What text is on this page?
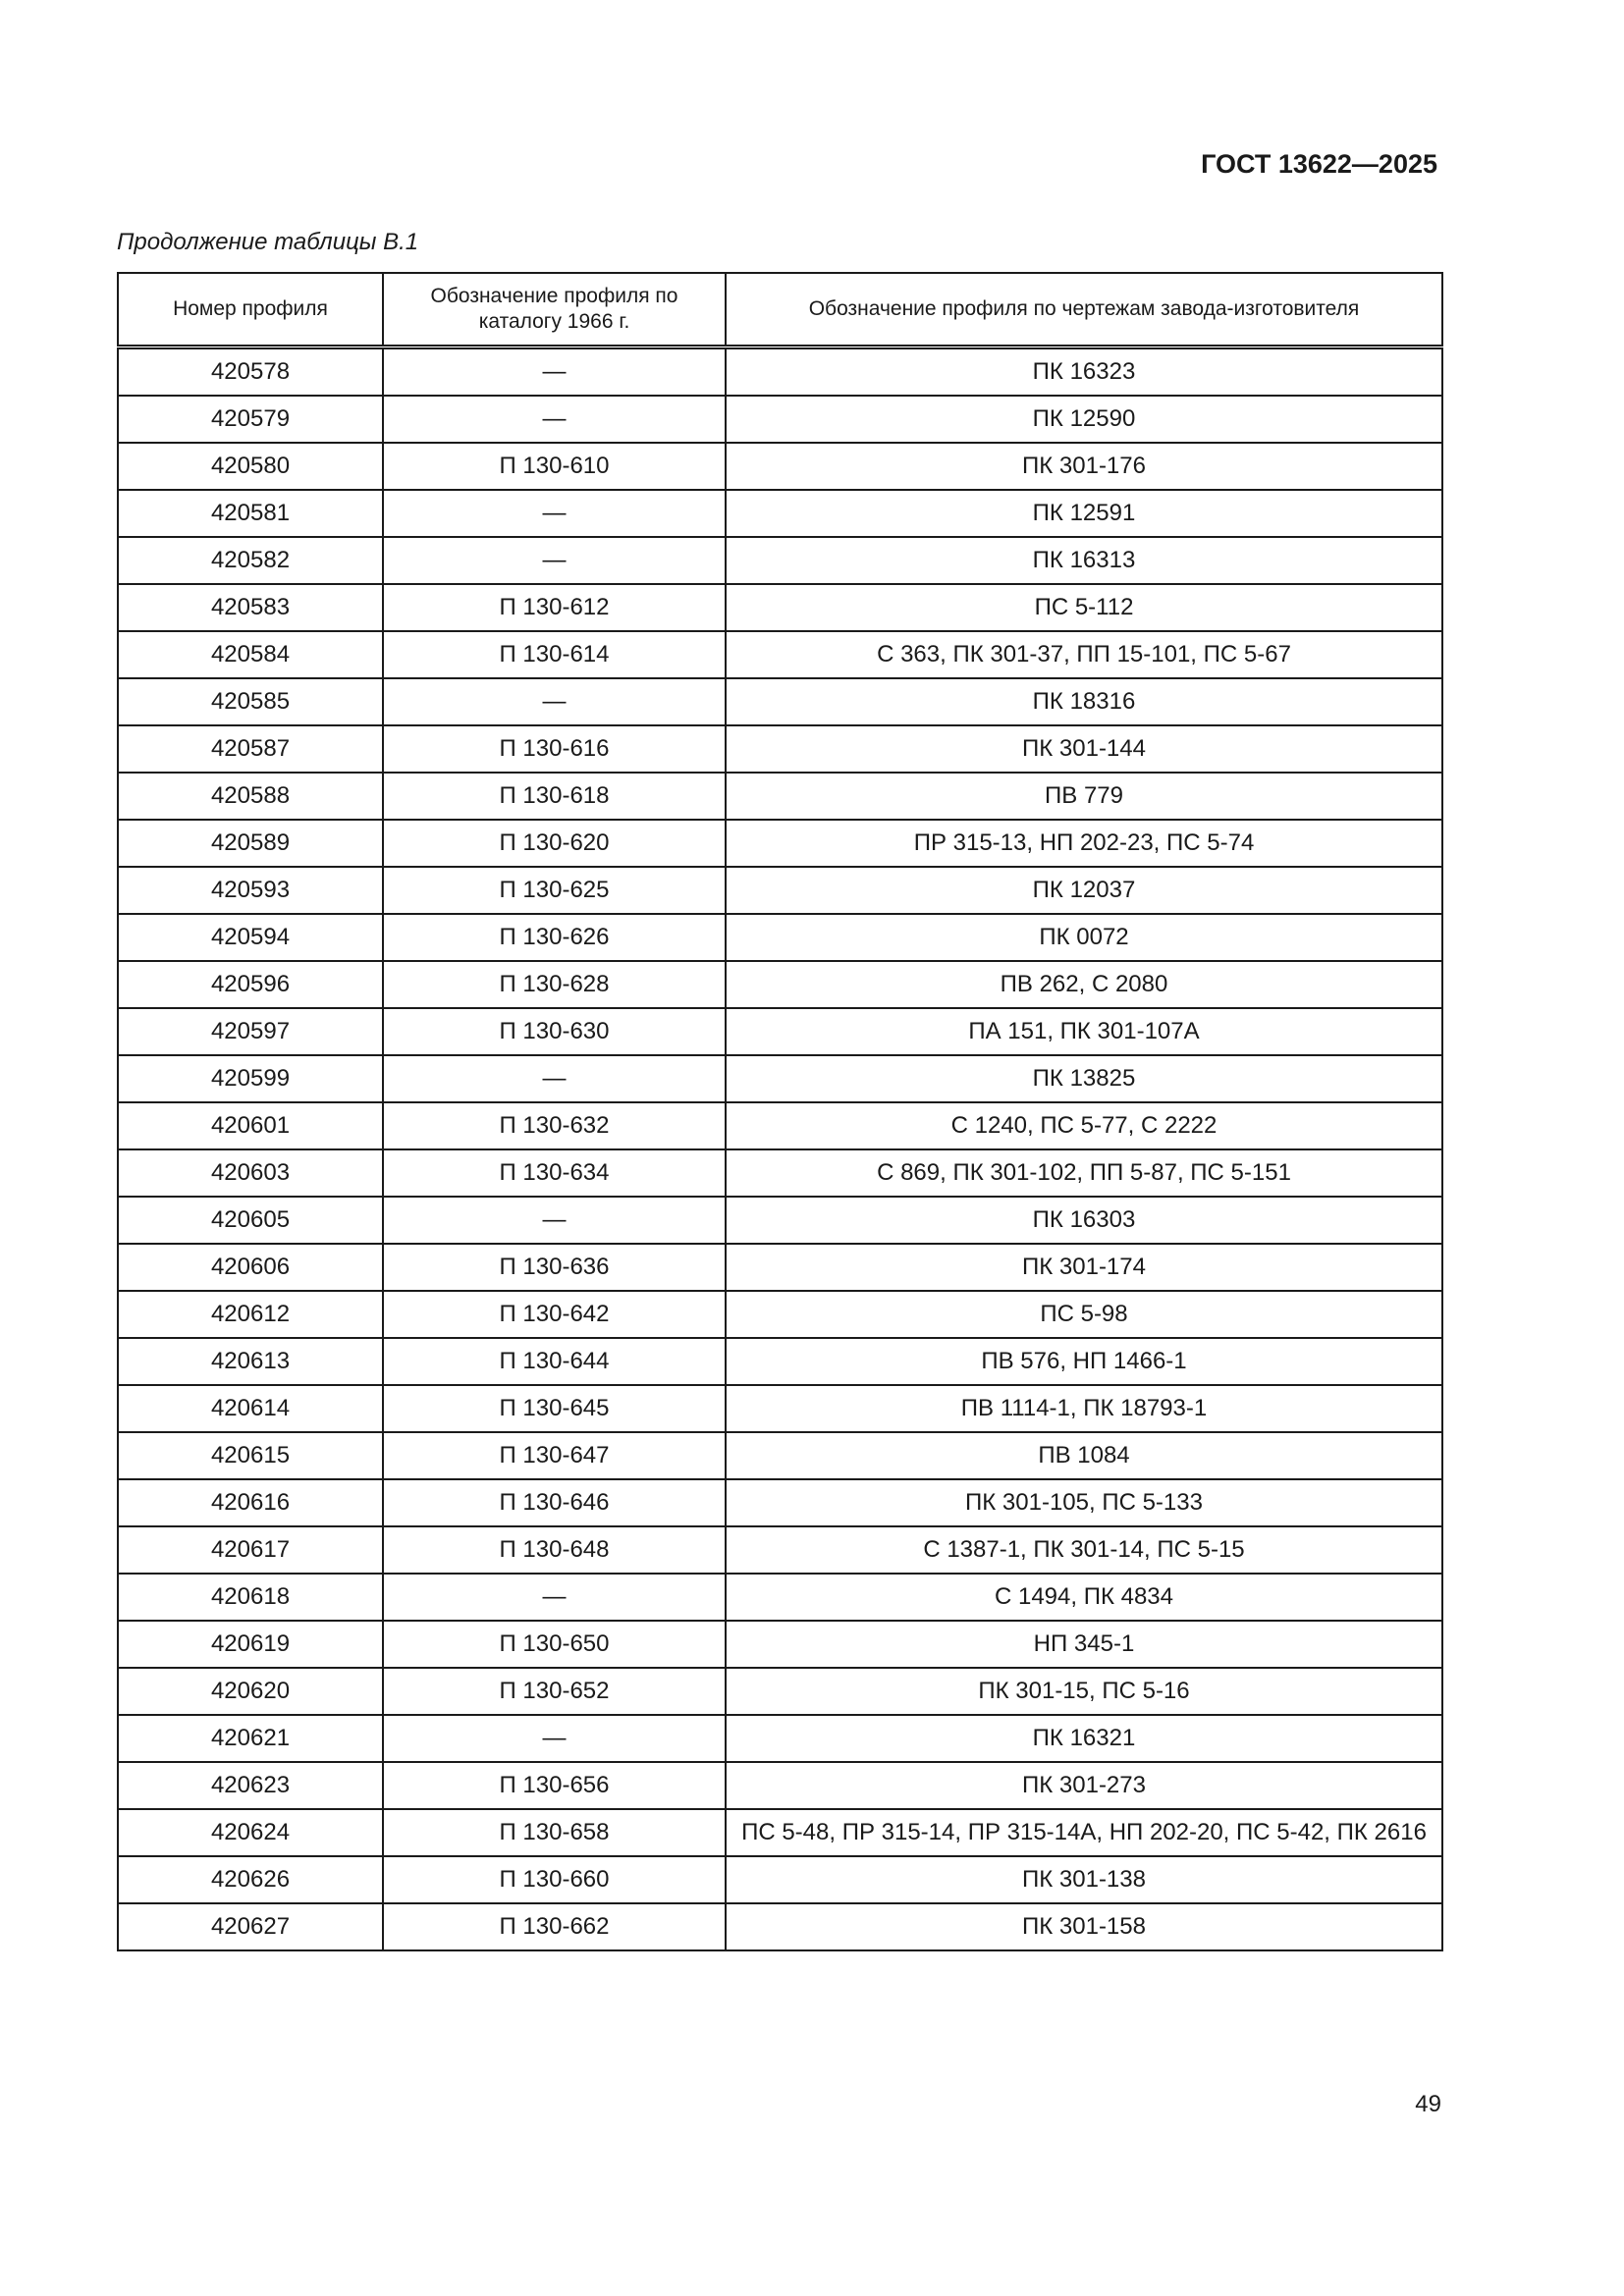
ГОСТ 13622—2025
Продолжение таблицы В.1
Номер профиля	Обозначение профиля по каталогу 1966 г.	Обозначение профиля по чертежам завода-изготовителя
420578	—	ПК 16323
420579	—	ПК 12590
420580	П 130-610	ПК 301-176
420581	—	ПК 12591
420582	—	ПК 16313
420583	П 130-612	ПС 5-112
420584	П 130-614	С 363, ПК 301-37, ПП 15-101, ПС 5-67
420585	—	ПК 18316
420587	П 130-616	ПК 301-144
420588	П 130-618	ПВ 779
420589	П 130-620	ПР 315-13, НП 202-23, ПС 5-74
420593	П 130-625	ПК 12037
420594	П 130-626	ПК 0072
420596	П 130-628	ПВ 262, С 2080
420597	П 130-630	ПА 151, ПК 301-107А
420599	—	ПК 13825
420601	П 130-632	С 1240, ПС 5-77, С 2222
420603	П 130-634	С 869, ПК 301-102, ПП 5-87, ПС 5-151
420605	—	ПК 16303
420606	П 130-636	ПК 301-174
420612	П 130-642	ПС 5-98
420613	П 130-644	ПВ 576, НП 1466-1
420614	П 130-645	ПВ 1114-1, ПК 18793-1
420615	П 130-647	ПВ 1084
420616	П 130-646	ПК 301-105, ПС 5-133
420617	П 130-648	С 1387-1, ПК 301-14, ПС 5-15
420618	—	С 1494, ПК 4834
420619	П 130-650	НП 345-1
420620	П 130-652	ПК 301-15, ПС 5-16
420621	—	ПК 16321
420623	П 130-656	ПК 301-273
420624	П 130-658	ПС 5-48, ПР 315-14, ПР 315-14А, НП 202-20, ПС 5-42, ПК 2616
420626	П 130-660	ПК 301-138
420627	П 130-662	ПК 301-158
49
